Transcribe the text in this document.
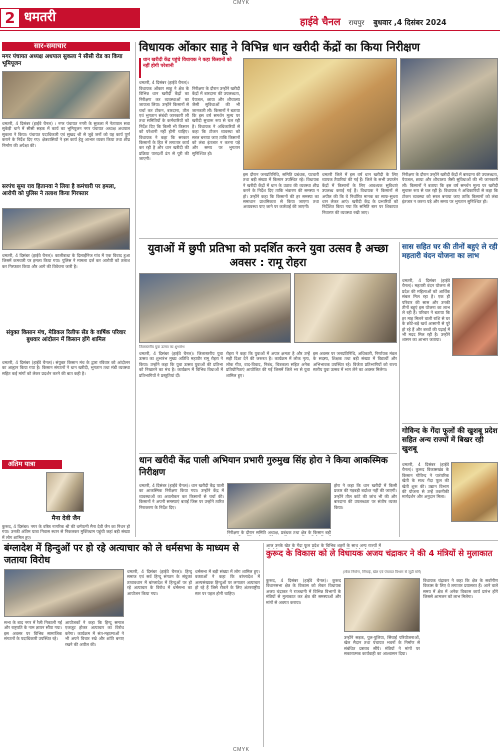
CMYK
2 धमतरी	हाईवे चैनल रायपुर बुधवार ,4 दिसंबर 2024
सार-समाचार
मगर पंचायत अध्यक्ष अधपाल सुकला ने सीसी रोड का किया भूमिपूजन
धमतरी, 4 दिसंबर (हाईवे चैनल) । नगर पंचायत नगरी के सुकला में नेतापाल सवा सुकेड़ी थाने में सीसी सड़क में कार्य का भूमिपूजन नगर पंचायत अध्यक्ष अधपाल सुकला ने किया। पंचायत पदाधिकारी एवं सुखद श्री से जुड़े जनों को यह कार्य पूर्ण कराने के निर्देश दिए गए। क्षेत्रवासियों ने इस कार्य हेतु आभार व्यक्त किया तथा शीघ्र निर्माण की अपेक्षा की।
सरपंच सुमा राव हितानवा ने लिया है कमंचारी पर हमला, आरोपी को पुलिस ने तलाश किया गिरफ्तार
धमतरी, 4 दिसंबर (हाईवे चैनल)। कालीबाधा के दिलाईनिज गांव में एक विवाद हुआ जिसमें कमचारी पर हमला किया गया। पुलिस ने मामला दर्ज कर आरोपी को तलाश कर गिरफ्तार किया और आगे की विवेचना जारी है।
संयुक्त किसान मंच, मेडिकल रिलीफ सेंड के वार्षिक परिवार बुधवार आंदोलन में किसान होंगे शामिल
धमतरी, 4 दिसंबर (हाईवे चैनल)। संयुक्त किसान मंच के द्वारा रविवार को आंदोलन का आह्वान किया गया है। किसान संगठनों ने धान खरीदी, भुगतान तथा मंडी व्यवस्था सहित कई मांगों को लेकर प्रदर्शन करने की बात कही है।
अंतिम यात्रा
मैना देवी जैन
कुरूद, 4 दिसंबर। नगर के वरिष्ठ नागरिक श्री की धर्मपत्नी मैना देवी जैन का निधन हो गया। उनकी अंतिम यात्रा निवास स्थान से निकलकर मुक्तिधाम पहुंची जहां बड़ी संख्या में लोग शामिल हुए।
विधायक ओंकार साहू ने विभिन्न धान खरीदी केंद्रों का किया निरीक्षण
धान खरीदी केंद्र पहुंचे विधायक ने कहा किसानों को नहीं होगी परेशानी
धमतरी, 4 दिसंबर (हाईवे चैनल)।
विधायक ओंकार साहू ने क्षेत्र के विभिन्न धान खरीदी केंद्रों का निरीक्षण कर व्यवस्थाओं का जायजा लिया। उन्होंने किसानों से चर्चा कर टोकन, बारदाना, तौल एवं भुगतान संबंधी जानकारी ली तथा समितियों के कर्मचारियों को निर्देश दिए कि किसी भी किसान को परेशानी नहीं होनी चाहिए। विधायक ने कहा कि सरकार किसानों के हित में लगातार कार्य कर रही है और धान खरीदी की प्रक्रिया पारदर्शी ढंग से पूरी की जाएगी।
निरीक्षण के दौरान उन्होंने खरीदी केंद्रों में बारदाना की उपलब्धता, पेयजल, छाया और शौचालय जैसी सुविधाओं की भी जानकारी ली। किसानों ने बताया कि इस वर्ष समर्थन मूल्य पर खरीदी सुचारू रूप से चल रही है। विधायक ने अधिकारियों से कहा कि टोकन व्यवस्था को सरल बनाया जाए ताकि किसानों को लंबा इंतजार न करना पड़े और समय पर भुगतान सुनिश्चित हो।
इस दौरान जनप्रतिनिधि, समिति प्रबंधक, पटवारी तथा बड़ी संख्या में किसान उपस्थित रहे। विधायक ने खरीदी केंद्रों में धान के उठाव की व्यवस्था शीघ्र करने के निर्देश दिए ताकि भंडारण की समस्या न हो। उन्होंने कहा कि किसानों की हर समस्या का समाधान प्राथमिकता से किया जाएगा तथा अव्यवस्था पाए जाने पर कार्रवाई की जाएगी।
धमतरी जिले में इस वर्ष धान खरीदी के लिए व्यापक तैयारियां की गई हैं। जिले के सभी उपार्जन केंद्रों में किसानों के लिए आवश्यक सुविधाएं उपलब्ध कराई गई हैं। विधायक ने किसानों से अपील की कि वे निर्धारित मानक का साफ-सुथरा धान लेकर आएं। खरीदी केंद्र के प्रभारियों को निर्देशित किया गया कि समिति स्तर पर शिकायत निवारण की व्यवस्था रखी जाए।
निरीक्षण के दौरान उन्होंने खरीदी केंद्रों में बारदाना की उपलब्धता, पेयजल, छाया और शौचालय जैसी सुविधाओं की भी जानकारी ली। किसानों ने बताया कि इस वर्ष समर्थन मूल्य पर खरीदी सुचारू रूप से चल रही है। विधायक ने अधिकारियों से कहा कि टोकन व्यवस्था को सरल बनाया जाए ताकि किसानों को लंबा इंतजार न करना पड़े और समय पर भुगतान सुनिश्चित हो।
युवाओं में छुपी प्रतिभा को प्रदर्शित करने युवा उत्सव है अच्छा अवसर : रामू रोहरा
जिलास्तरीय युवा उत्सव का शुभारंभ
धमतरी, 4 दिसंबर (हाईवे चैनल)। जिलास्तरीय युवा उत्सव का शुभारंभ मुख्य अतिथि महापौर रामू रोहरा ने किया। उन्होंने कहा कि युवा उत्सव युवाओं की प्रतिभा को निखारने का मंच है। कार्यक्रम में विभिन्न विधाओं में प्रतिभागियों ने प्रस्तुतियां दीं।
रोहरा ने कहा कि युवाओं में अपार क्षमता है और उन्हें सही दिशा देने की जरूरत है। कार्यक्रम में लोक नृत्य, लोक गीत, वाद-विवाद, निबंध, चित्रकला सहित अनेक प्रतियोगिताएं आयोजित की गईं जिसमें जिले भर से युवा शामिल हुए।
इस अवसर पर जनप्रतिनिधि, अधिकारी, निर्णायक मंडल के सदस्य, शिक्षक तथा बड़ी संख्या में विद्यार्थी और अभिभावक उपस्थित रहे। विजेता प्रतिभागियों को राज्य स्तरीय युवा उत्सव में भाग लेने का अवसर मिलेगा।
धान खरीदी केंद्र पाली अभियान प्रभारी गुरुमुख सिंह होरा ने किया आकस्मिक निरीक्षण
धमतरी, 4 दिसंबर (हाईवे चैनल)। धान खरीदी केंद्र पाली का आकस्मिक निरीक्षण किया गया। उन्होंने केंद्र में व्यवस्थाओं का अवलोकन कर किसानों से चर्चा की। किसानों ने अपनी समस्याएं बताईं जिस पर उन्होंने त्वरित निराकरण के निर्देश दिए।
होरा ने कहा कि धान खरीदी में किसी प्रकार की गड़बड़ी बर्दाश्त नहीं की जाएगी। उन्होंने तौल कांटे की जांच भी की और बारदाना की उपलब्धता पर संतोष व्यक्त किया।
निरीक्षण के दौरान समिति अध्यक्ष, प्रबंधक तथा क्षेत्र के किसान बड़ी
सास सहित घर की तीनों बहुएं ले रही महतारी वंदन योजना का लाभ
धमतरी, 4 दिसंबर (हाईवे चैनल)। महतारी वंदन योजना से प्रदेश की महिलाओं को आर्थिक संबल मिल रहा है। एक ही परिवार की सास और उनकी तीनों बहुएं इस योजना का लाभ ले रही हैं। परिवार ने बताया कि हर माह मिलने वाली राशि से घर के छोटे-बड़े खर्च आसानी से पूरे हो रहे हैं और बच्चों की पढ़ाई में भी मदद मिल रही है। उन्होंने शासन का आभार जताया।
गोविन्द के गेंदा फूलों की खुशबू प्रदेश सहित अन्य राज्यों में बिखर रही खुशबू
धमतरी, 4 दिसंबर (हाईवे चैनल)। कुरूद विकासखंड के किसान गोविन्द ने पारंपरिक खेती के साथ गेंदा फूल की खेती शुरू की। उद्यान विभाग की योजना से उन्हें तकनीकी मार्गदर्शन और अनुदान मिला।
बंग्लादेश में हिन्दुओं पर हो रहे अत्याचार को ले धर्मसभा के माध्यम से जताया विरोध
धमतरी, 4 दिसंबर (हाईवे चैनल)। हिन्दू समाज एवं सर्व हिन्दू संगठन के संयुक्त तत्वावधान में बांग्लादेश में हिन्दुओं पर हो रहे अत्याचार के विरोध में धर्मसभा का आयोजन किया गया।
धर्मसभा में बड़ी संख्या में लोग शामिल हुए। वक्ताओं ने कहा कि बांग्लादेश में अल्पसंख्यक हिन्दुओं पर लगातार अत्याचार हो रहे हैं जिसे रोकने के लिए अंतरराष्ट्रीय स्तर पर पहल होनी चाहिए।
सभा के बाद नगर में रैली निकाली गई और राष्ट्रपति के नाम ज्ञापन सौंपा गया। इस अवसर पर विभिन्न सामाजिक संगठनों के पदाधिकारी उपस्थित रहे।
आयोजकों ने कहा कि हिन्दू समाज एकजुट होकर अत्याचार का विरोध करेगा। कार्यक्रम में संत-महात्माओं ने भी अपने विचार रखे और शांति बनाए रखने की अपील की।
आज उनके खेत के गेंदा फूल प्रदेश के विभिन्न शहरों के साथ अन्य राज्यों में
कुरूद के विकास को ले विधायक अजय चंद्राकर ने की 4 मंत्रियों से मुलाकात
(लोक निर्माण, सिंचाई, खेल एवं पंचायत विभाग से जुड़ी मांगें)
कुरूद, 4 दिसंबर (हाईवे चैनल)। कुरूद विधानसभा क्षेत्र के विकास को लेकर विधायक अजय चंद्राकर ने राजधानी में विभिन्न विभागों के मंत्रियों से मुलाकात कर क्षेत्र की समस्याओं और मांगों से अवगत कराया।
उन्होंने सड़क, पुल-पुलिया, सिंचाई परियोजनाओं, खेल मैदान तथा पंचायत भवनों के निर्माण से संबंधित प्रस्ताव सौंपे। मंत्रियों ने मांगों पर सकारात्मक कार्यवाही का आश्वासन दिया।
विधायक चंद्राकर ने कहा कि क्षेत्र के सर्वांगीण विकास के लिए वे लगातार प्रयासरत हैं। आने वाले समय में क्षेत्र में अनेक विकास कार्य प्रारंभ होंगे जिससे आमजन को लाभ मिलेगा।
CMYK
